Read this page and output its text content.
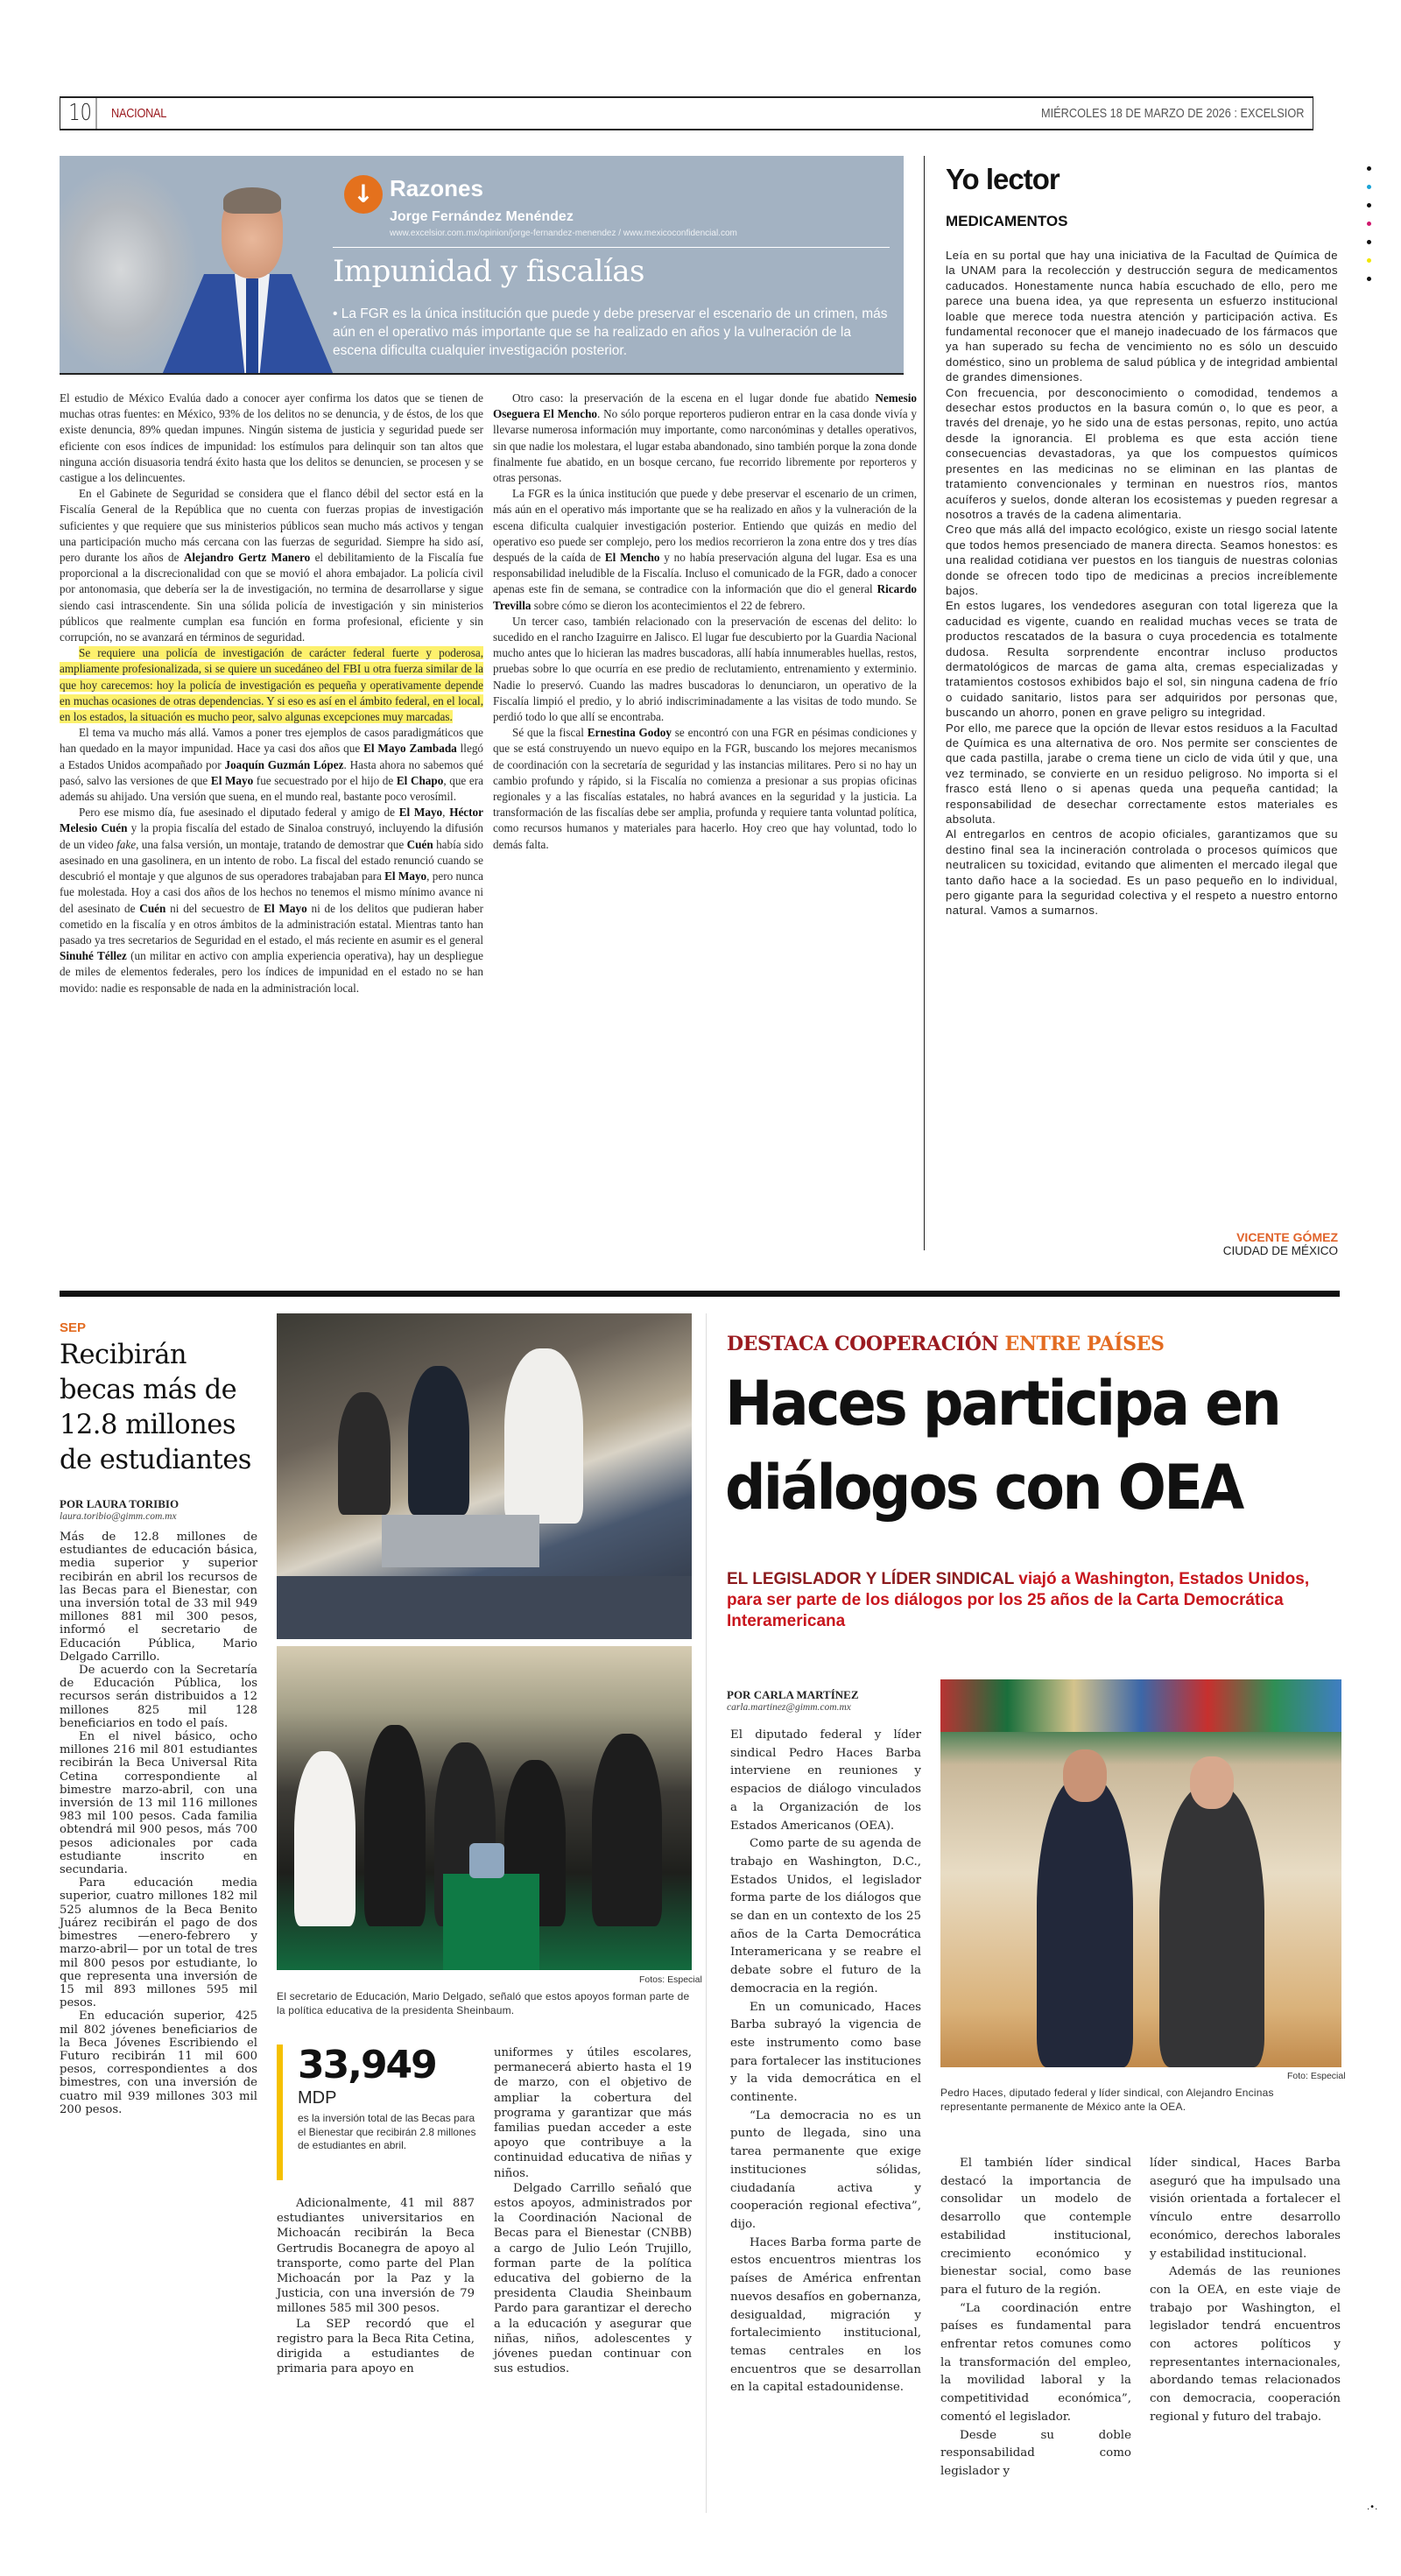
10	NACIONAL	MIÉRCOLES 18 DE MARZO DE 2026 : EXCELSIOR
↓ Razones
Jorge Fernández Menéndez
www.excelsior.com.mx/opinion/jorge-fernandez-menendez / www.mexicoconfidencial.com
Impunidad y fiscalías
• La FGR es la única institución que puede y debe preservar el escenario de un crimen, más aún en el operativo más importante que se ha realizado en años y la vulneración de la escena dificulta cualquier investigación posterior.

El estudio de México Evalúa dado a conocer ayer confirma los datos que se tienen de muchas otras fuentes: en México, 93% de los delitos no se denuncia, y de éstos, de los que existe denuncia, 89% quedan impunes. Ningún sistema de justicia y seguridad puede ser eficiente con esos índices de impunidad: los estímulos para delinquir son tan altos que ninguna acción disuasoria tendrá éxito hasta que los delitos se denuncien, se procesen y se castigue a los delincuentes.

En el Gabinete de Seguridad se considera que el flanco débil del sector está en la Fiscalía General de la República que no cuenta con fuerzas propias de investigación suficientes y que requiere que sus ministerios públicos sean mucho más activos y tengan una participación mucho más cercana con las fuerzas de seguridad. Siempre ha sido así, pero durante los años de Alejandro Gertz Manero el debilitamiento de la Fiscalía fue proporcional a la discrecionalidad con que se movió el ahora embajador. La policía civil por antonomasia, que debería ser la de investigación, no termina de desarrollarse y sigue siendo casi intrascendente. Sin una sólida policía de investigación y sin ministerios públicos que realmente cumplan esa función en forma profesional, eficiente y sin corrupción, no se avanzará en términos de seguridad.

Se requiere una policía de investigación de carácter federal fuerte y poderosa, ampliamente profesionalizada, si se quiere un sucedáneo del FBI u otra fuerza similar de la que hoy carecemos: hoy la policía de investigación es pequeña y operativamente depende en muchas ocasiones de otras dependencias. Y si eso es así en el ámbito federal, en el local, en los estados, la situación es mucho peor, salvo algunas excepciones muy marcadas.

El tema va mucho más allá. Vamos a poner tres ejemplos de casos paradigmáticos que han quedado en la mayor impunidad. Hace ya casi dos años que El Mayo Zambada llegó a Estados Unidos acompañado por Joaquín Guzmán López. Hasta ahora no sabemos qué pasó, salvo las versiones de que El Mayo fue secuestrado por el hijo de El Chapo, que era además su ahijado. Una versión que suena, en el mundo real, bastante poco verosímil.

Pero ese mismo día, fue asesinado el diputado federal y amigo de El Mayo, Héctor Melesio Cuén y la propia fiscalía del estado de Sinaloa construyó, incluyendo la difusión de un video fake, una falsa versión, un montaje, tratando de demostrar que Cuén había sido asesinado en una gasolinera, en un intento de robo. La fiscal del estado renunció cuando se descubrió el montaje y que algunos de sus operadores trabajaban para El Mayo, pero nunca fue molestada. Hoy a casi dos años de los hechos no tenemos el mismo mínimo avance ni del asesinato de Cuén ni del secuestro de El Mayo ni de los delitos que pudieran haber cometido en la fiscalía y en otros ámbitos de la administración estatal. Mientras tanto han pasado ya tres secretarios de Seguridad en el estado, el más reciente en asumir es el general Sinuhé Téllez (un militar en activo con amplia experiencia operativa), hay un despliegue de miles de elementos federales, pero los índices de impunidad en el estado no se han movido: nadie es responsable de nada en la administración local.

Otro caso: la preservación de la escena en el lugar donde fue abatido Nemesio Oseguera El Mencho. No sólo porque reporteros pudieron entrar en la casa donde vivía y llevarse numerosa información muy importante, como narconóminas y detalles operativos, sin que nadie los molestara, el lugar estaba abandonado, sino también porque la zona donde finalmente fue abatido, en un bosque cercano, fue recorrido libremente por reporteros y otras personas.

La FGR es la única institución que puede y debe preservar el escenario de un crimen, más aún en el operativo más importante que se ha realizado en años y la vulneración de la escena dificulta cualquier investigación posterior. Entiendo que quizás en medio del operativo eso puede ser complejo, pero los medios recorrieron la zona entre dos y tres días después de la caída de El Mencho y no había preservación alguna del lugar. Esa es una responsabilidad ineludible de la Fiscalía. Incluso el comunicado de la FGR, dado a conocer apenas este fin de semana, se contradice con la información que dio el general Ricardo Trevilla sobre cómo se dieron los acontecimientos el 22 de febrero.

Un tercer caso, también relacionado con la preservación de escenas del delito: lo sucedido en el rancho Izaguirre en Jalisco. El lugar fue descubierto por la Guardia Nacional mucho antes que lo hicieran las madres buscadoras, allí había innumerables huellas, restos, pruebas sobre lo que ocurría en ese predio de reclutamiento, entrenamiento y exterminio. Nadie lo preservó. Cuando las madres buscadoras lo denunciaron, un operativo de la Fiscalía limpió el predio, y lo abrió indiscriminadamente a las visitas de todo mundo. Se perdió todo lo que allí se encontraba.

Sé que la fiscal Ernestina Godoy se encontró con una FGR en pésimas condiciones y que se está construyendo un nuevo equipo en la FGR, buscando los mejores mecanismos de coordinación con la secretaría de seguridad y las instancias militares. Pero si no hay un cambio profundo y rápido, si la Fiscalía no comienza a presionar a sus propias oficinas regionales y a las fiscalías estatales, no habrá avances en la seguridad y la justicia. La transformación de las fiscalías debe ser amplia, profunda y requiere tanta voluntad política, como recursos humanos y materiales para hacerlo. Hoy creo que hay voluntad, todo lo demás falta.

Yo lector
MEDICAMENTOS

Leía en su portal que hay una iniciativa de la Facultad de Química de la UNAM para la recolección y destrucción segura de medicamentos caducados. Honestamente nunca había escuchado de ello, pero me parece una buena idea, ya que representa un esfuerzo institucional loable que merece toda nuestra atención y participación activa. Es fundamental reconocer que el manejo inadecuado de los fármacos que ya han superado su fecha de vencimiento no es sólo un descuido doméstico, sino un problema de salud pública y de integridad ambiental de grandes dimensiones.

Con frecuencia, por desconocimiento o comodidad, tendemos a desechar estos productos en la basura común o, lo que es peor, a través del drenaje, yo he sido una de estas personas, repito, uno actúa desde la ignorancia. El problema es que esta acción tiene consecuencias devastadoras, ya que los compuestos químicos presentes en las medicinas no se eliminan en las plantas de tratamiento convencionales y terminan en nuestros ríos, mantos acuíferos y suelos, donde alteran los ecosistemas y pueden regresar a nosotros a través de la cadena alimentaria.

Creo que más allá del impacto ecológico, existe un riesgo social latente que todos hemos presenciado de manera directa. Seamos honestos: es una realidad cotidiana ver puestos en los tianguis de nuestras colonias donde se ofrecen todo tipo de medicinas a precios increíblemente bajos.

En estos lugares, los vendedores aseguran con total ligereza que la caducidad es vigente, cuando en realidad muchas veces se trata de productos rescatados de la basura o cuya procedencia es totalmente dudosa. Resulta sorprendente encontrar incluso productos dermatológicos de marcas de gama alta, cremas especializadas y tratamientos costosos exhibidos bajo el sol, sin ninguna cadena de frío o cuidado sanitario, listos para ser adquiridos por personas que, buscando un ahorro, ponen en grave peligro su integridad.

Por ello, me parece que la opción de llevar estos residuos a la Facultad de Química es una alternativa de oro. Nos permite ser conscientes de que cada pastilla, jarabe o crema tiene un ciclo de vida útil y que, una vez terminado, se convierte en un residuo peligroso. No importa si el frasco está lleno o si apenas queda una pequeña cantidad; la responsabilidad de desechar correctamente estos materiales es absoluta.

Al entregarlos en centros de acopio oficiales, garantizamos que su destino final sea la incineración controlada o procesos químicos que neutralicen su toxicidad, evitando que alimenten el mercado ilegal que tanto daño hace a la sociedad. Es un paso pequeño en lo individual, pero gigante para la seguridad colectiva y el respeto a nuestro entorno natural. Vamos a sumarnos.

VICENTE GÓMEZ
CIUDAD DE MÉXICO
SEP
Recibirán becas más de 12.8 millones de estudiantes
POR LAURA TORIBIO
laura.toribio@gimm.com.mx

Más de 12.8 millones de estudiantes de educación básica, media superior y superior recibirán en abril los recursos de las Becas para el Bienestar, con una inversión total de 33 mil 949 millones 881 mil 300 pesos, informó el secretario de Educación Pública, Mario Delgado Carrillo.

De acuerdo con la Secretaría de Educación Pública, los recursos serán distribuidos a 12 millones 825 mil 128 beneficiarios en todo el país.

En el nivel básico, ocho millones 216 mil 801 estudiantes recibirán la Beca Universal Rita Cetina correspondiente al bimestre marzo-abril, con una inversión de 13 mil 116 millones 983 mil 100 pesos. Cada familia obtendrá mil 900 pesos, más 700 pesos adicionales por cada estudiante inscrito en secundaria.

Para educación media superior, cuatro millones 182 mil 525 alumnos de la Beca Benito Juárez recibirán el pago de dos bimestres —enero-febrero y marzo-abril— por un total de tres mil 800 pesos por estudiante, lo que representa una inversión de 15 mil 893 millones 595 mil pesos.

En educación superior, 425 mil 802 jóvenes beneficiarios de la Beca Jóvenes Escribiendo el Futuro recibirán 11 mil 600 pesos, correspondientes a dos bimestres, con una inversión de cuatro mil 939 millones 303 mil 200 pesos.

Fotos: Especial
El secretario de Educación, Mario Delgado, señaló que estos apoyos forman parte de la política educativa de la presidenta Sheinbaum.
33,949
MDP
es la inversión total de las Becas para el Bienestar que recibirán 2.8 millones de estudiantes en abril.

Adicionalmente, 41 mil 887 estudiantes universitarios en Michoacán recibirán la Beca Gertrudis Bocanegra de apoyo al transporte, como parte del Plan Michoacán por la Paz y la Justicia, con una inversión de 79 millones 585 mil 300 pesos.

La SEP recordó que el registro para la Beca Rita Cetina, dirigida a estudiantes de primaria para apoyo en

uniformes y útiles escolares, permanecerá abierto hasta el 19 de marzo, con el objetivo de ampliar la cobertura del programa y garantizar que más familias puedan acceder a este apoyo que contribuye a la continuidad educativa de niñas y niños.

Delgado Carrillo señaló que estos apoyos, administrados por la Coordinación Nacional de Becas para el Bienestar (CNBB) a cargo de Julio León Trujillo, forman parte de la política educativa del gobierno de la presidenta Claudia Sheinbaum Pardo para garantizar el derecho a la educación y asegurar que niñas, niños, adolescentes y jóvenes puedan continuar con sus estudios.

DESTACA COOPERACIÓN ENTRE PAÍSES
Haces participa en diálogos con OEA
EL LEGISLADOR Y LÍDER SINDICAL viajó a Washington, Estados Unidos, para ser parte de los diálogos por los 25 años de la Carta Democrática Interamericana
POR CARLA MARTÍNEZ
carla.martinez@gimm.com.mx

El diputado federal y líder sindical Pedro Haces Barba interviene en reuniones y espacios de diálogo vinculados a la Organización de los Estados Americanos (OEA).

Como parte de su agenda de trabajo en Washington, D.C., Estados Unidos, el legislador forma parte de los diálogos que se dan en un contexto de los 25 años de la Carta Democrática Interamericana y se reabre el debate sobre el futuro de la democracia en la región.

En un comunicado, Haces Barba subrayó la vigencia de este instrumento como base para fortalecer las instituciones y la vida democrática en el continente.

“La democracia no es un punto de llegada, sino una tarea permanente que exige instituciones sólidas, ciudadanía activa y cooperación regional efectiva”, dijo.

Haces Barba forma parte de estos encuentros mientras los países de América enfrentan nuevos desafíos en gobernanza, desigualdad, migración y fortalecimiento institucional, temas centrales en los encuentros que se desarrollan en la capital estadounidense.

Foto: Especial
Pedro Haces, diputado federal y líder sindical, con Alejandro Encinas representante permanente de México ante la OEA.

El también líder sindical destacó la importancia de consolidar un modelo de desarrollo que contemple estabilidad institucional, crecimiento económico y bienestar social, como base para el futuro de la región.

“La coordinación entre países es fundamental para enfrentar retos comunes como la transformación del empleo, la movilidad laboral y la competitividad económica”, comentó el legislador.

Desde su doble responsabilidad como legislador y

líder sindical, Haces Barba aseguró que ha impulsado una visión orientada a fortalecer el vínculo entre desarrollo económico, derechos laborales y estabilidad institucional.

Además de las reuniones con la OEA, en este viaje de trabajo por Washington, el legislador tendrá encuentros con actores políticos y representantes internacionales, abordando temas relacionados con democracia, cooperación regional y futuro del trabajo.

.•.
